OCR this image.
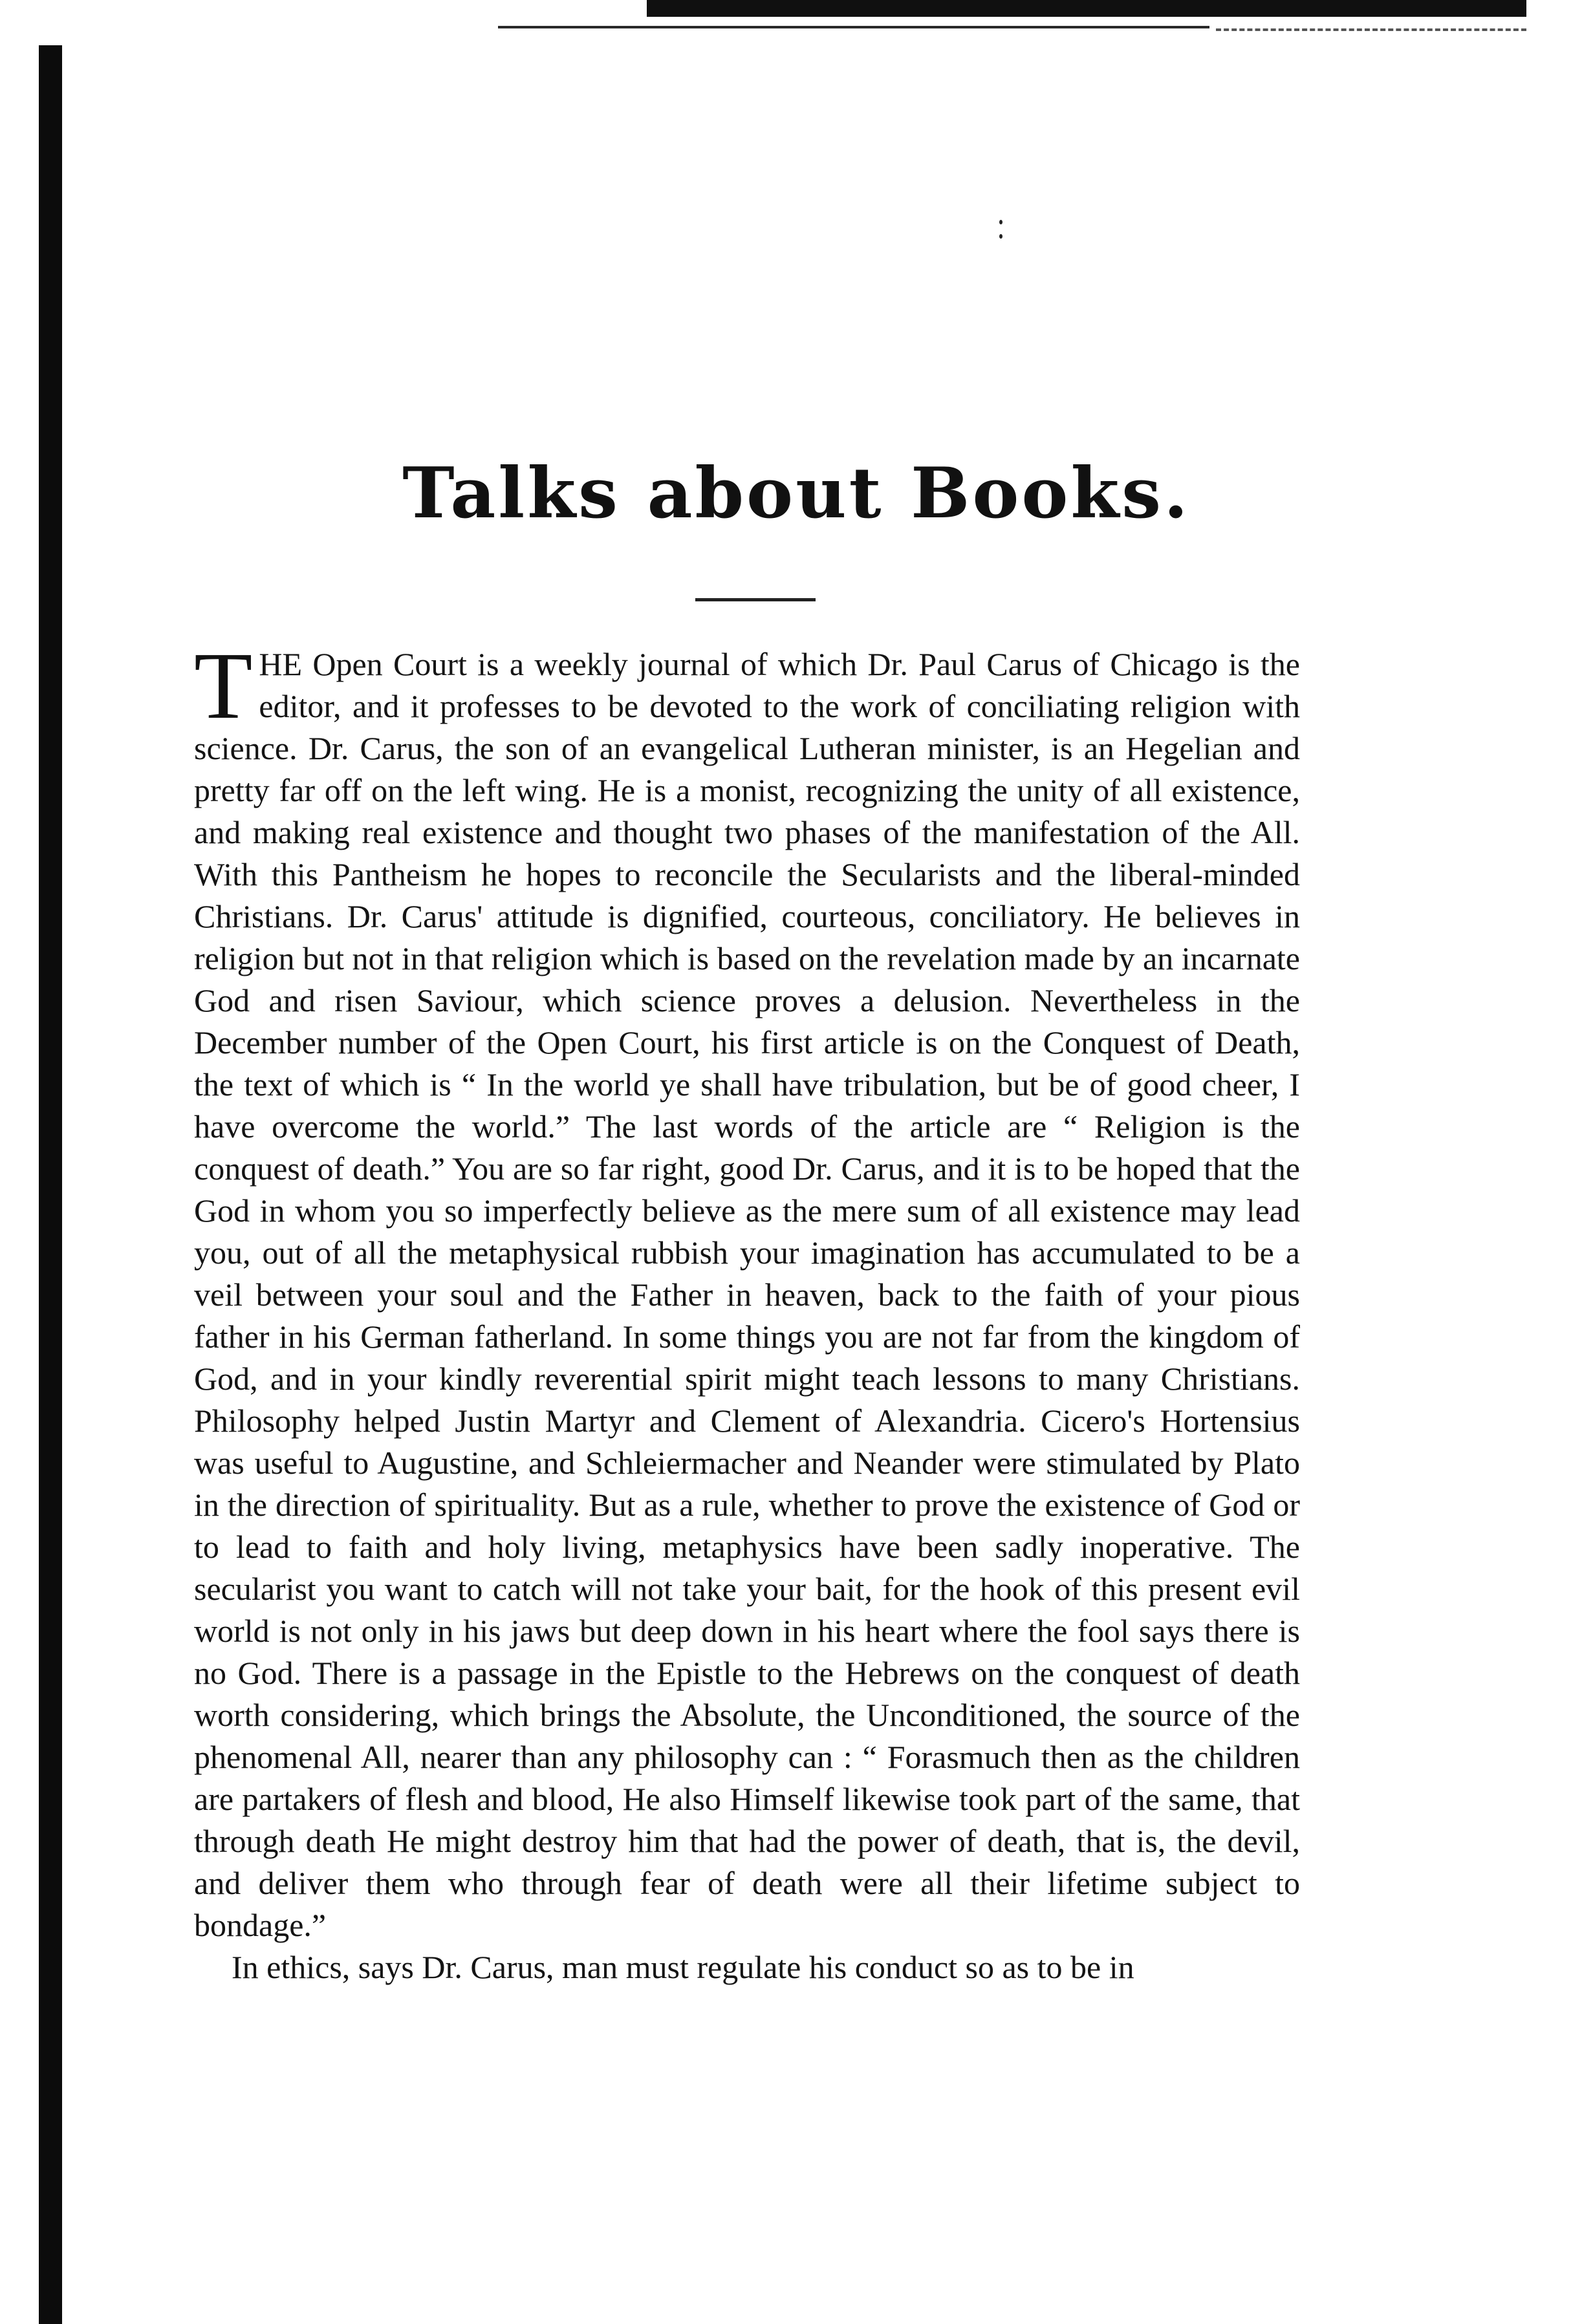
Talks about Books.

THE Open Court is a weekly journal of which Dr. Paul Carus of Chicago is the editor, and it professes to be devoted to the work of conciliating religion with science. Dr. Carus, the son of an evangelical Lutheran minister, is an Hegelian and pretty far off on the left wing. He is a monist, recognizing the unity of all existence, and making real existence and thought two phases of the manifestation of the All. With this Pantheism he hopes to reconcile the Secularists and the liberal-minded Christians. Dr. Carus' attitude is dignified, courteous, conciliatory. He believes in religion but not in that religion which is based on the revelation made by an incarnate God and risen Saviour, which science proves a delusion. Nevertheless in the December number of the Open Court, his first article is on the Conquest of Death, the text of which is “ In the world ye shall have tribulation, but be of good cheer, I have overcome the world.” The last words of the article are “ Religion is the conquest of death.” You are so far right, good Dr. Carus, and it is to be hoped that the God in whom you so imperfectly believe as the mere sum of all existence may lead you, out of all the metaphysical rubbish your imagination has accumulated to be a veil between your soul and the Father in heaven, back to the faith of your pious father in his German fatherland. In some things you are not far from the kingdom of God, and in your kindly reverential spirit might teach lessons to many Christians. Philosophy helped Justin Martyr and Clement of Alexandria. Cicero's Hortensius was useful to Augustine, and Schleiermacher and Neander were stimulated by Plato in the direction of spirituality. But as a rule, whether to prove the existence of God or to lead to faith and holy living, metaphysics have been sadly inoperative. The secularist you want to catch will not take your bait, for the hook of this present evil world is not only in his jaws but deep down in his heart where the fool says there is no God. There is a passage in the Epistle to the Hebrews on the conquest of death worth considering, which brings the Absolute, the Unconditioned, the source of the phenomenal All, nearer than any philosophy can : “ Forasmuch then as the children are partakers of flesh and blood, He also Himself likewise took part of the same, that through death He might destroy him that had the power of death, that is, the devil, and deliver them who through fear of death were all their lifetime subject to bondage.”

In ethics, says Dr. Carus, man must regulate his conduct so as to be in
